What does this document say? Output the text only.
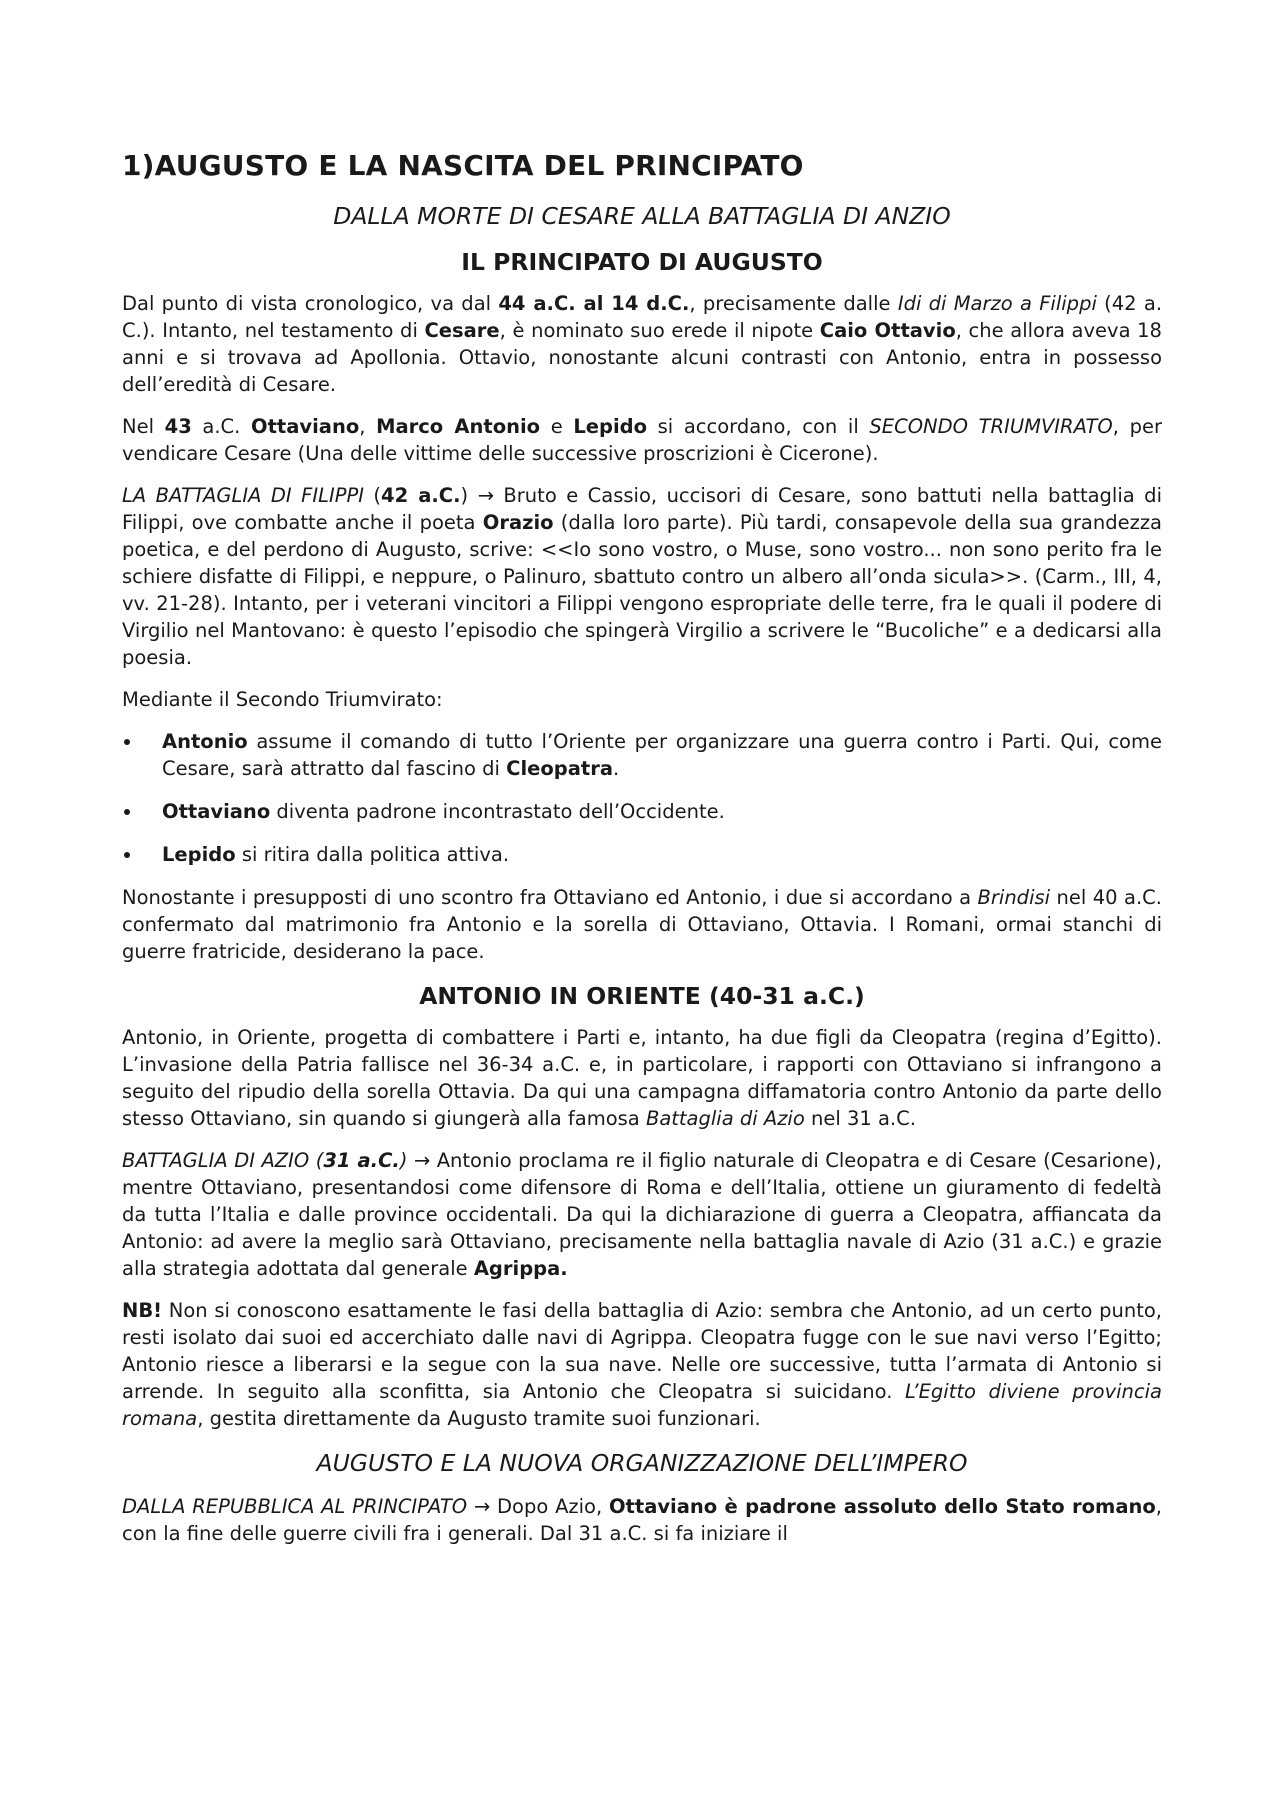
1)AUGUSTO E LA NASCITA DEL PRINCIPATO
DALLA MORTE DI CESARE ALLA BATTAGLIA DI ANZIO
IL PRINCIPATO DI AUGUSTO

Dal punto di vista cronologico, va dal 44 a.C. al 14 d.C., precisamente dalle Idi di Marzo a Filippi (42 a. C.). Intanto, nel testamento di Cesare, è nominato suo erede il nipote Caio Ottavio, che allora aveva 18 anni e si trovava ad Apollonia. Ottavio, nonostante alcuni contrasti con Antonio, entra in possesso dell’eredità di Cesare.

Nel 43 a.C. Ottaviano, Marco Antonio e Lepido si accordano, con il SECONDO TRIUMVIRATO, per vendicare Cesare (Una delle vittime delle successive proscrizioni è Cicerone).

LA BATTAGLIA DI FILIPPI (42 a.C.) → Bruto e Cassio, uccisori di Cesare, sono battuti nella battaglia di Filippi, ove combatte anche il poeta Orazio (dalla loro parte). Più tardi, consapevole della sua grandezza poetica, e del perdono di Augusto, scrive: <<Io sono vostro, o Muse, sono vostro... non sono perito fra le schiere disfatte di Filippi, e neppure, o Palinuro, sbattuto contro un albero all’onda sicula>>. (Carm., III, 4, vv. 21-28). Intanto, per i veterani vincitori a Filippi vengono espropriate delle terre, fra le quali il podere di Virgilio nel Mantovano: è questo l’episodio che spingerà Virgilio a scrivere le “Bucoliche” e a dedicarsi alla poesia.

Mediante il Secondo Triumvirato:

Antonio assume il comando di tutto l’Oriente per organizzare una guerra contro i Parti. Qui, come Cesare, sarà attratto dal fascino di Cleopatra.
Ottaviano diventa padrone incontrastato dell’Occidente.
Lepido si ritira dalla politica attiva.

Nonostante i presupposti di uno scontro fra Ottaviano ed Antonio, i due si accordano a Brindisi nel 40 a.C. confermato dal matrimonio fra Antonio e la sorella di Ottaviano, Ottavia. I Romani, ormai stanchi di guerre fratricide, desiderano la pace.

ANTONIO IN ORIENTE (40-31 a.C.)

Antonio, in Oriente, progetta di combattere i Parti e, intanto, ha due figli da Cleopatra (regina d’Egitto). L’invasione della Patria fallisce nel 36-34 a.C. e, in particolare, i rapporti con Ottaviano si infrangono a seguito del ripudio della sorella Ottavia. Da qui una campagna diffamatoria contro Antonio da parte dello stesso Ottaviano, sin quando si giungerà alla famosa Battaglia di Azio nel 31 a.C.

BATTAGLIA DI AZIO (31 a.C.) → Antonio proclama re il figlio naturale di Cleopatra e di Cesare (Cesarione), mentre Ottaviano, presentandosi come difensore di Roma e dell’Italia, ottiene un giuramento di fedeltà da tutta l’Italia e dalle province occidentali. Da qui la dichiarazione di guerra a Cleopatra, affiancata da Antonio: ad avere la meglio sarà Ottaviano, precisamente nella battaglia navale di Azio (31 a.C.) e grazie alla strategia adottata dal generale Agrippa.

NB! Non si conoscono esattamente le fasi della battaglia di Azio: sembra che Antonio, ad un certo punto, resti isolato dai suoi ed accerchiato dalle navi di Agrippa. Cleopatra fugge con le sue navi verso l’Egitto; Antonio riesce a liberarsi e la segue con la sua nave. Nelle ore successive, tutta l’armata di Antonio si arrende. In seguito alla sconfitta, sia Antonio che Cleopatra si suicidano. L’Egitto diviene provincia romana, gestita direttamente da Augusto tramite suoi funzionari.

AUGUSTO E LA NUOVA ORGANIZZAZIONE DELL’IMPERO

DALLA REPUBBLICA AL PRINCIPATO → Dopo Azio, Ottaviano è padrone assoluto dello Stato romano, con la fine delle guerre civili fra i generali. Dal 31 a.C. si fa iniziare il
